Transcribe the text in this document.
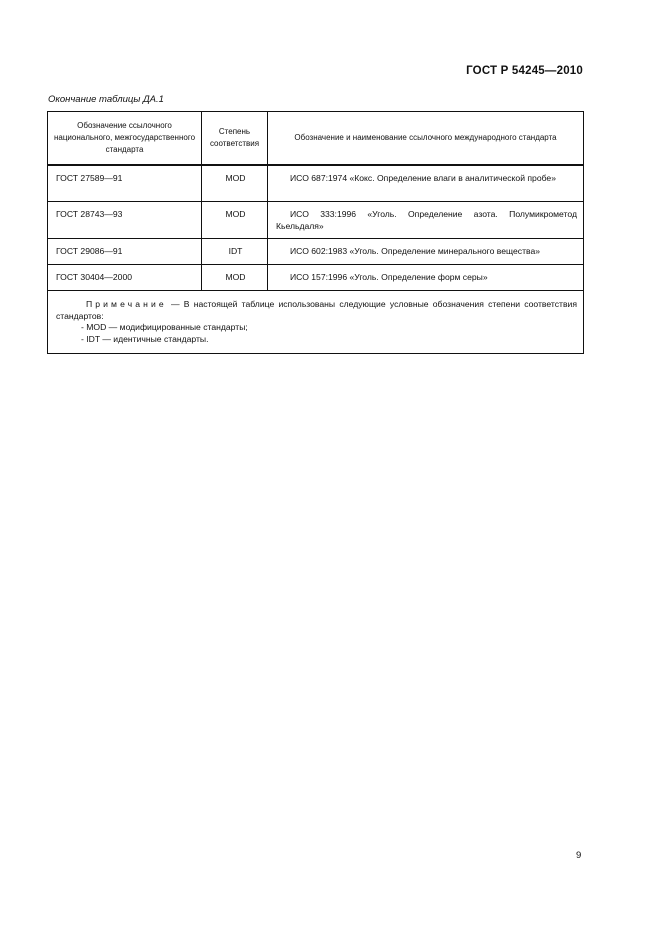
ГОСТ Р 54245—2010
Окончание таблицы ДА.1
Обозначение ссылочного национального, межгосударственного стандарта	Степень соответствия	Обозначение и наименование ссылочного международного стандарта
ГОСТ 27589—91	MOD	ИСО 687:1974 «Кокс. Определение влаги в аналитической пробе»
ГОСТ 28743—93	MOD	ИСО 333:1996 «Уголь. Определение азота. Полумикрометод Кьельдаля»
ГОСТ 29086—91	IDT	ИСО 602:1983 «Уголь. Определение минерального вещества»
ГОСТ 30404—2000	MOD	ИСО 157:1996 «Уголь. Определение форм серы»

Примечание — В настоящей таблице использованы следующие условные обозначения степени соответствия стандартов:

- MOD — модифицированные стандарты;

- IDT — идентичные стандарты.		

9
